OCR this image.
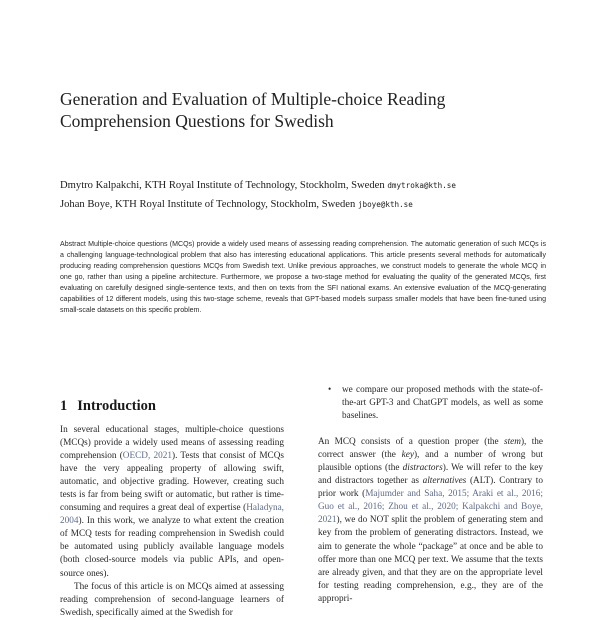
Generation and Evaluation of Multiple-choice Reading Comprehension Questions for Swedish
Dmytro Kalpakchi, KTH Royal Institute of Technology, Stockholm, Sweden dmytroka@kth.se
Johan Boye, KTH Royal Institute of Technology, Stockholm, Sweden jboye@kth.se
Abstract Multiple-choice questions (MCQs) provide a widely used means of assessing reading comprehension. The automatic generation of such MCQs is a challenging language-technological problem that also has interesting educational applications. This article presents several methods for automatically producing reading comprehension questions MCQs from Swedish text. Unlike previous approaches, we construct models to generate the whole MCQ in one go, rather than using a pipeline architecture. Furthermore, we propose a two-stage method for evaluating the quality of the generated MCQs, first evaluating on carefully designed single-sentence texts, and then on texts from the SFI national exams. An extensive evaluation of the MCQ-generating capabilities of 12 different models, using this two-stage scheme, reveals that GPT-based models surpass smaller models that have been fine-tuned using small-scale datasets on this specific problem.
1 Introduction

In several educational stages, multiple-choice questions (MCQs) provide a widely used means of assessing reading comprehension (OECD, 2021). Tests that consist of MCQs have the very appealing property of allowing swift, automatic, and objective grading. However, creating such tests is far from being swift or automatic, but rather is time-consuming and requires a great deal of expertise (Haladyna, 2004). In this work, we analyze to what extent the creation of MCQ tests for reading comprehension in Swedish could be automated using publicly available language models (both closed-source models via public APIs, and open-source ones).

The focus of this article is on MCQs aimed at assessing reading comprehension of second-language learners of Swedish, specifically aimed at the Swedish for

• we compare our proposed methods with the state-of-the-art GPT-3 and ChatGPT models, as well as some baselines.

An MCQ consists of a question proper (the stem), the correct answer (the key), and a number of wrong but plausible options (the distractors). We will refer to the key and distractors together as alternatives (ALT). Contrary to prior work (Majumder and Saha, 2015; Araki et al., 2016; Guo et al., 2016; Zhou et al., 2020; Kalpakchi and Boye, 2021), we do NOT split the problem of generating stem and key from the problem of generating distractors. Instead, we aim to generate the whole “package” at once and be able to offer more than one MCQ per text. We assume that the texts are already given, and that they are on the appropriate level for testing reading comprehension, e.g., they are of the appropri-
